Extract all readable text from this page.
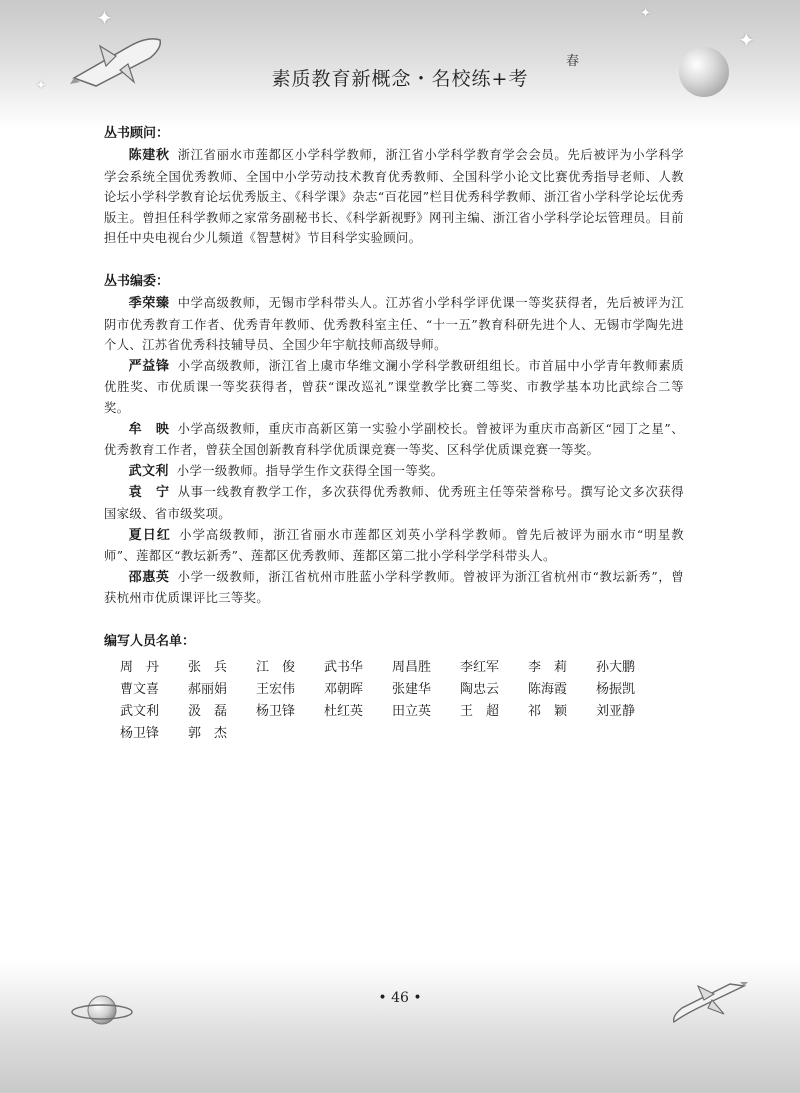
✦
✦
✦
✦
素质教育新概念・名校练+考
春
丛书顾问：

陈建秋 浙江省丽水市莲都区小学科学教师，浙江省小学科学教育学会会员。先后被评为小学科学学会系统全国优秀教师、全国中小学劳动技术教育优秀教师、全国科学小论文比赛优秀指导老师、人教论坛小学科学教育论坛优秀版主、《科学课》杂志“百花园”栏目优秀科学教师、浙江省小学科学论坛优秀版主。曾担任科学教师之家常务副秘书长、《科学新视野》网刊主编、浙江省小学科学论坛管理员。目前担任中央电视台少儿频道《智慧树》节目科学实验顾问。

丛书编委：

季荣臻 中学高级教师，无锡市学科带头人。江苏省小学科学评优课一等奖获得者，先后被评为江阴市优秀教育工作者、优秀青年教师、优秀教科室主任、“十一五”教育科研先进个人、无锡市学陶先进个人、江苏省优秀科技辅导员、全国少年宇航技师高级导师。

严益锋 小学高级教师，浙江省上虞市华维文澜小学科学教研组组长。市首届中小学青年教师素质优胜奖、市优质课一等奖获得者，曾获“课改巡礼”课堂教学比赛二等奖、市教学基本功比武综合二等奖。

牟　映 小学高级教师，重庆市高新区第一实验小学副校长。曾被评为重庆市高新区“园丁之星”、优秀教育工作者，曾获全国创新教育科学优质课竞赛一等奖、区科学优质课竞赛一等奖。

武文利 小学一级教师。指导学生作文获得全国一等奖。

袁　宁 从事一线教育教学工作，多次获得优秀教师、优秀班主任等荣誉称号。撰写论文多次获得国家级、省市级奖项。

夏日红 小学高级教师，浙江省丽水市莲都区刘英小学科学教师。曾先后被评为丽水市“明星教师”、莲都区“教坛新秀”、莲都区优秀教师、莲都区第二批小学科学学科带头人。

邵惠英 小学一级教师，浙江省杭州市胜蓝小学科学教师。曾被评为浙江省杭州市“教坛新秀”，曾获杭州市优质课评比三等奖。

编写人员名单：
周　丹 张　兵 江　俊 武书华 周昌胜 李红军 李　莉 孙大鹏
曹文喜 郝丽娟 王宏伟 邓朝晖 张建华 陶忠云 陈海霞 杨振凯
武文利 汲　磊 杨卫锋 杜红英 田立英 王　超 祁　颖 刘亚静
杨卫锋 郭　杰
• 46 •
